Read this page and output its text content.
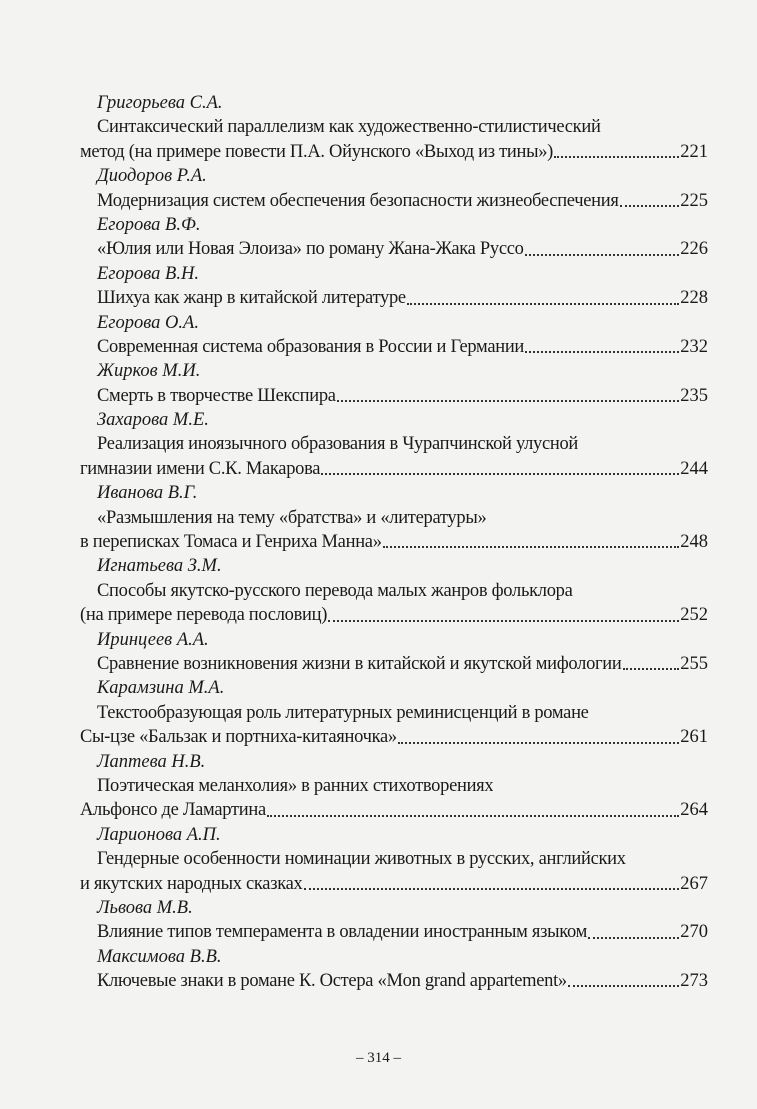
Григорьева С.А.
Синтаксический параллелизм как художественно-стилистический
метод (на примере повести П.А. Ойунского «Выход из тины»)	221
Диодоров Р.А.
Модернизация систем обеспечения безопасности жизнеобеспечения	225
Егорова В.Ф.
«Юлия или Новая Элоиза» по роману Жана-Жака Руссо	226
Егорова В.Н.
Шихуа как жанр в китайской литературе	228
Егорова О.А.
Современная система образования в России и Германии	232
Жирков М.И.
Смерть в творчестве Шекспира	235
Захарова М.Е.
Реализация иноязычного образования в Чурапчинской улусной
гимназии имени С.К. Макарова	244
Иванова В.Г.
«Размышления на тему «братства» и «литературы»
в переписках Томаса и Генриха Манна»	248
Игнатьева З.М.
Способы якутско-русского перевода малых жанров фольклора
(на примере перевода пословиц)	252
Иринцеев А.А.
Сравнение возникновения жизни в китайской и якутской мифологии	255
Карамзина М.А.
Текстообразующая роль литературных реминисценций в романе
Сы-цзе «Бальзак и портниха-китаяночка»	261
Лаптева Н.В.
Поэтическая меланхолия» в ранних стихотворениях
Альфонсо де Ламартина	264
Ларионова А.П.
Гендерные особенности номинации животных в русских, английских
и якутских народных сказках	267
Львова М.В.
Влияние типов темперамента в овладении иностранным языком	270
Максимова В.В.
Ключевые знаки в романе К. Остера «Mon grand appartement»	273
– 314 –
